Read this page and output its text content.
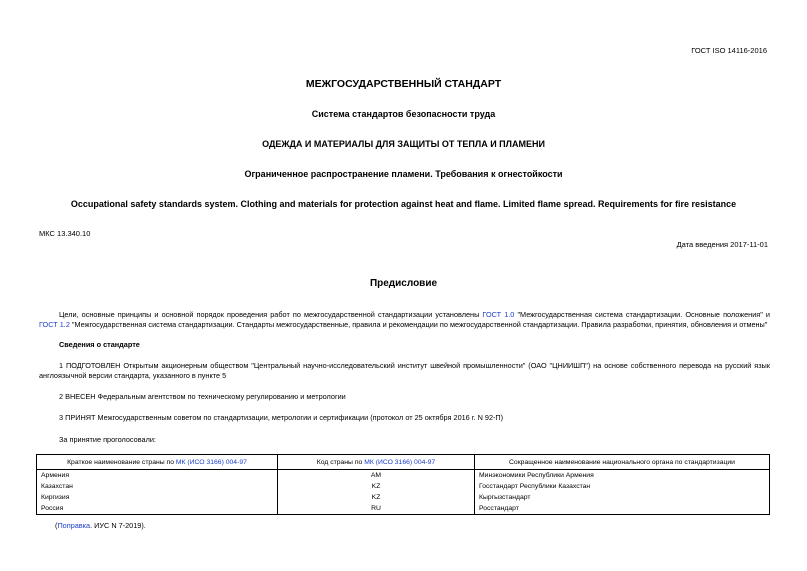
ГОСТ ISO 14116-2016
МЕЖГОСУДАРСТВЕННЫЙ СТАНДАРТ
Система стандартов безопасности труда
ОДЕЖДА И МАТЕРИАЛЫ ДЛЯ ЗАЩИТЫ ОТ ТЕПЛА И ПЛАМЕНИ
Ограниченное распространение пламени. Требования к огнестойкости
Occupational safety standards system. Clothing and materials for protection against heat and flame. Limited flame spread. Requirements for fire resistance
МКС 13.340.10
Дата введения 2017-11-01
Предисловие
Цели, основные принципы и основной порядок проведения работ по межгосударственной стандартизации установлены ГОСТ 1.0 "Межгосударственная система стандартизации. Основные положения" и ГОСТ 1.2 "Межгосударственная система стандартизации. Стандарты межгосударственные, правила и рекомендации по межгосударственной стандартизации. Правила разработки, принятия, обновления и отмены"
Сведения о стандарте
1 ПОДГОТОВЛЕН Открытым акционерным обществом "Центральный научно-исследовательский институт швейной промышленности" (ОАО "ЦНИИШП") на основе собственного перевода на русский язык англоязычной версии стандарта, указанного в пункте 5
2 ВНЕСЕН Федеральным агентством по техническому регулированию и метрологии
3 ПРИНЯТ Межгосударственным советом по стандартизации, метрологии и сертификации (протокол от 25 октября 2016 г. N 92-П)
За принятие проголосовали:
Краткое наименование страны по МК (ИСО 3166) 004-97	Код страны по МК (ИСО 3166) 004-97	Сокращенное наименование национального органа по стандартизации
Армения	AM	Минэкономики Республики Армения
Казахстан	KZ	Госстандарт Республики Казахстан
Киргизия	KZ	Кыргызстандарт
Россия	RU	Росстандарт
(Поправка. ИУС N 7-2019).
